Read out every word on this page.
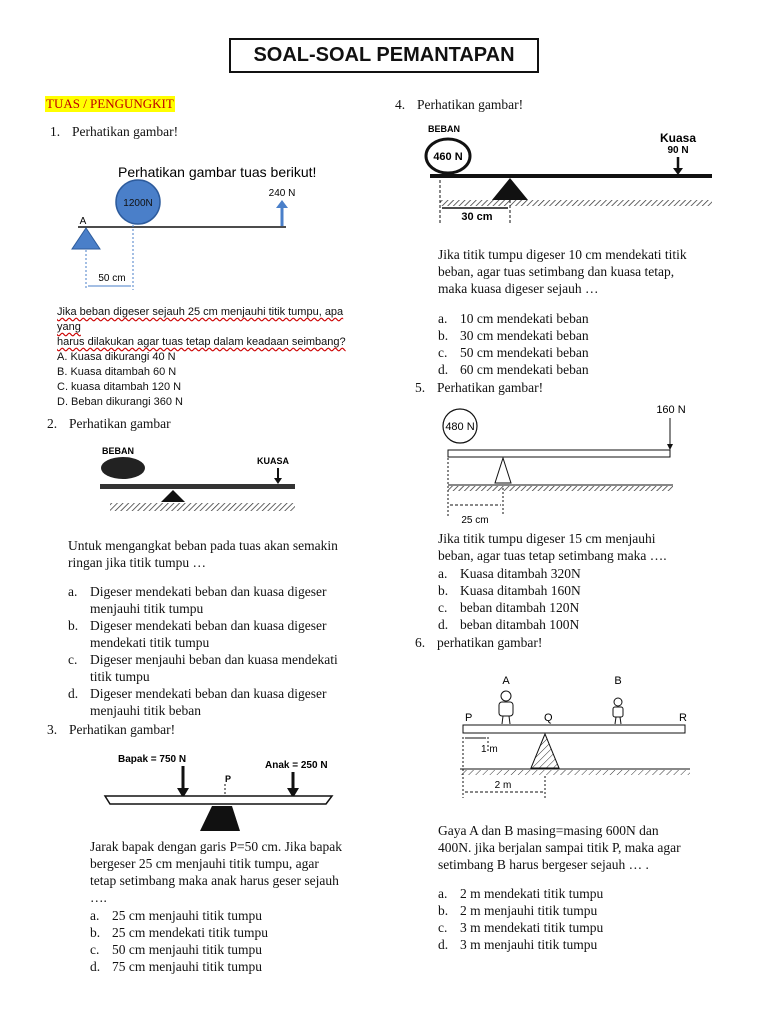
SOAL-SOAL PEMANTAPAN
TUAS / PENGUNGKIT
1. Perhatikan gambar!
Perhatikan gambar tuas berikut!
1200N
240 N
A
50 cm
Jika beban digeser sejauh 25 cm menjauhi titik tumpu, apa yang
harus dilakukan agar tuas tetap dalam keadaan seimbang?
A. Kuasa dikurangi 40 N
B. Kuasa ditambah 60 N
C. kuasa ditambah 120 N
D. Beban dikurangi 360 N
2. Perhatikan gambar
BEBAN
KUASA
Untuk mengangkat beban pada tuas akan semakin
ringan jika titik tumpu …
a. Digeser mendekati beban dan kuasa digeser
menjauhi titik tumpu
b. Digeser mendekati beban dan kuasa digeser
mendekati titik tumpu
c. Digeser menjauhi beban dan kuasa mendekati
titik tumpu
d. Digeser mendekati beban dan kuasa digeser
menjauhi titik beban
3. Perhatikan gambar!
Bapak = 750 N
Anak = 250 N
P
Jarak bapak dengan garis P=50 cm. Jika bapak
bergeser 25 cm menjauhi titik tumpu, agar
tetap setimbang maka anak harus geser sejauh
….
a. 25 cm menjauhi titik tumpu
b. 25 cm mendekati titik tumpu
c. 50 cm menjauhi titik tumpu
d. 75 cm menjauhi titik tumpu
4. Perhatikan gambar!
BEBAN
460 N
Kuasa
90 N
30 cm
Jika titik tumpu digeser 10 cm mendekati titik
beban, agar tuas setimbang dan kuasa tetap,
maka kuasa digeser sejauh …
a. 10 cm mendekati beban
b. 30 cm mendekati beban
c. 50 cm mendekati beban
d. 60 cm mendekati beban
5. Perhatikan gambar!
480 N
160 N
25 cm
Jika titik tumpu digeser 15 cm menjauhi
beban, agar tuas tetap setimbang maka ….
a. Kuasa ditambah 320N
b. Kuasa ditambah 160N
c. beban ditambah 120N
d. beban ditambah 100N
6. perhatikan gambar!
A	B
P	Q	R
1 m
2 m
Gaya A dan B masing=masing 600N dan
400N. jika berjalan sampai titik P, maka agar
setimbang B harus bergeser sejauh … .
a. 2 m mendekati titik tumpu
b. 2 m menjauhi titik tumpu
c. 3 m mendekati titik tumpu
d. 3 m menjauhi titik tumpu
